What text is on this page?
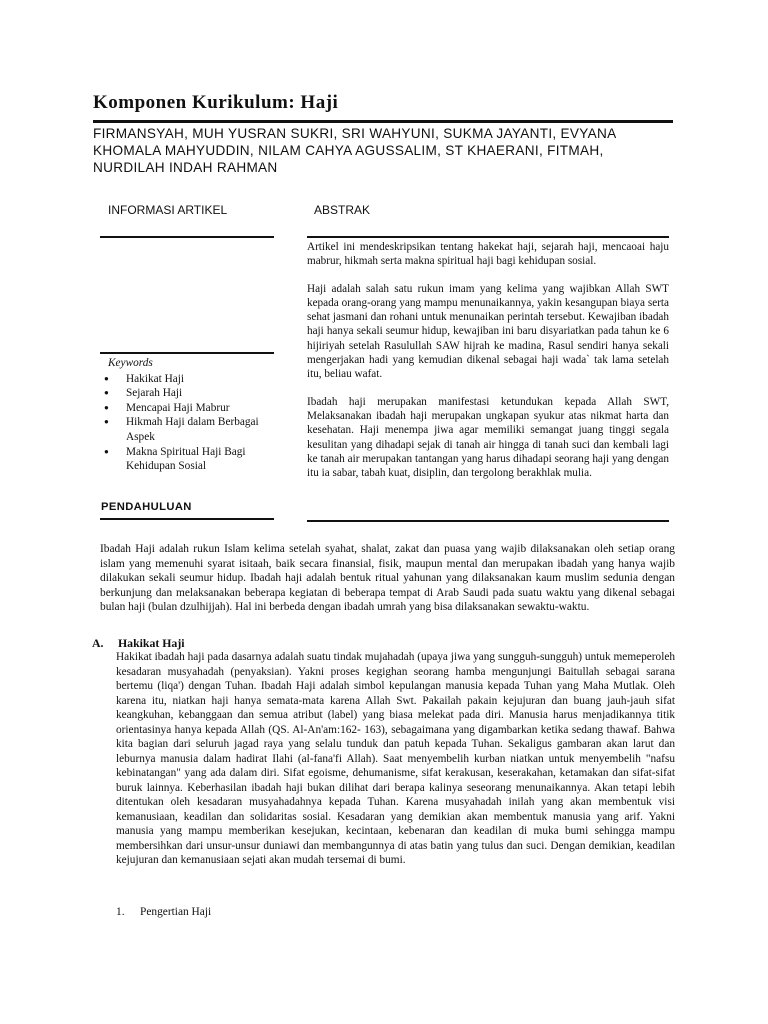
Komponen Kurikulum: Haji
FIRMANSYAH, MUH YUSRAN SUKRI, SRI WAHYUNI, SUKMA JAYANTI, EVYANA
KHOMALA MAHYUDDIN, NILAM CAHYA AGUSSALIM, ST KHAERANI, FITMAH,
NURDILAH INDAH RAHMAN
INFORMASI ARTIKEL	ABSTRAK

Artikel ini mendeskripsikan tentang hakekat haji, sejarah haji, mencaoai haju mabrur, hikmah serta makna spiritual haji bagi kehidupan sosial.

Haji adalah salah satu rukun imam yang kelima yang wajibkan Allah SWT kepada orang-orang yang mampu menunaikannya, yakin kesangupan biaya serta sehat jasmani dan rohani untuk menunaikan perintah tersebut. Kewajiban ibadah haji hanya sekali seumur hidup, kewajiban ini baru disyariatkan pada tahun ke 6 hijiriyah setelah Rasulullah SAW hijrah ke madina, Rasul sendiri hanya sekali mengerjakan hadi yang kemudian dikenal sebagai haji wada` tak lama setelah itu, beliau wafat.

Ibadah haji merupakan manifestasi ketundukan kepada Allah SWT, Melaksanakan ibadah haji merupakan ungkapan syukur atas nikmat harta dan kesehatan. Haji menempa jiwa agar memiliki semangat juang tinggi segala kesulitan yang dihadapi sejak di tanah air hingga di tanah suci dan kembali lagi ke tanah air merupakan tantangan yang harus dihadapi seorang haji yang dengan itu ia sabar, tabah kuat, disiplin, dan tergolong berakhlak mulia.

Keywords
● Hakikat Haji
● Sejarah Haji
● Mencapai Haji Mabrur
● Hikmah Haji dalam Berbagai Aspek
● Makna Spiritual Haji Bagi Kehidupan Sosial
PENDAHULUAN

Ibadah Haji adalah rukun Islam kelima setelah syahat, shalat, zakat dan puasa yang wajib dilaksanakan oleh setiap orang islam yang memenuhi syarat isitaah, baik secara finansial, fisik, maupun mental dan merupakan ibadah yang hanya wajib dilakukan sekali seumur hidup. Ibadah haji adalah bentuk ritual yahunan yang dilaksanakan kaum muslim sedunia dengan berkunjung dan melaksanakan beberapa kegiatan di beberapa tempat di Arab Saudi pada suatu waktu yang dikenal sebagai bulan haji (bulan dzulhijjah). Hal ini berbeda dengan ibadah umrah yang bisa dilaksanakan sewaktu-waktu.

A. Hakikat Haji

Hakikat ibadah haji pada dasarnya adalah suatu tindak mujahadah (upaya jiwa yang sungguh-sungguh) untuk memeperoleh kesadaran musyahadah (penyaksian). Yakni proses kegighan seorang hamba mengunjungi Baitullah sebagai sarana bertemu (liqa') dengan Tuhan. Ibadah Haji adalah simbol kepulangan manusia kepada Tuhan yang Maha Mutlak. Oleh karena itu, niatkan haji hanya semata-mata karena Allah Swt. Pakailah pakain kejujuran dan buang jauh-jauh sifat keangkuhan, kebanggaan dan semua atribut (label) yang biasa melekat pada diri. Manusia harus menjadikannya titik orientasinya hanya kepada Allah (QS. Al-An'am:162- 163), sebagaimana yang digambarkan ketika sedang thawaf. Bahwa kita bagian dari seluruh jagad raya yang selalu tunduk dan patuh kepada Tuhan. Sekaligus gambaran akan larut dan leburnya manusia dalam hadirat Ilahi (al-fana'fi Allah). Saat menyembelih kurban niatkan untuk menyembelih "nafsu kebinatangan" yang ada dalam diri. Sifat egoisme, dehumanisme, sifat kerakusan, keserakahan, ketamakan dan sifat-sifat buruk lainnya. Keberhasilan ibadah haji bukan dilihat dari berapa kalinya seseorang menunaikannya. Akan tetapi lebih ditentukan oleh kesadaran musyahadahnya kepada Tuhan. Karena musyahadah inilah yang akan membentuk visi kemanusiaan, keadilan dan solidaritas sosial. Kesadaran yang demikian akan membentuk manusia yang arif. Yakni manusia yang mampu memberikan kesejukan, kecintaan, kebenaran dan keadilan di muka bumi sehingga mampu membersihkan dari unsur-unsur duniawi dan membangunnya di atas batin yang tulus dan suci. Dengan demikian, keadilan kejujuran dan kemanusiaan sejati akan mudah tersemai di bumi.

1. Pengertian Haji
